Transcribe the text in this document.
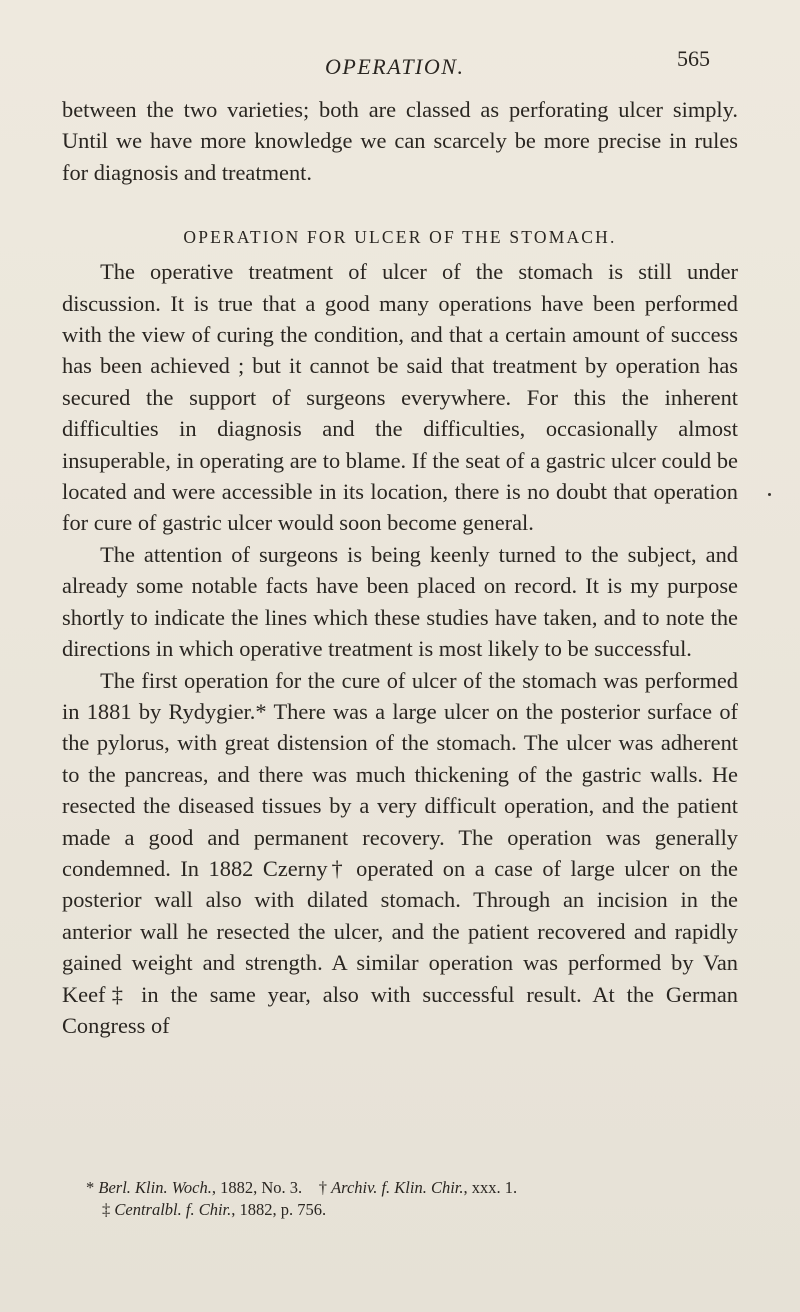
OPERATION.	565

between the two varieties; both are classed as perforating ulcer simply. Until we have more knowledge we can scarcely be more precise in rules for diagnosis and treatment.

OPERATION FOR ULCER OF THE STOMACH.

The operative treatment of ulcer of the stomach is still under discussion. It is true that a good many operations have been performed with the view of curing the condition, and that a certain amount of success has been achieved ; but it cannot be said that treatment by operation has secured the support of surgeons everywhere. For this the inherent difficulties in diagnosis and the difficulties, occasionally almost insuperable, in operating are to blame. If the seat of a gastric ulcer could be located and were accessible in its location, there is no doubt that operation for cure of gastric ulcer would soon become general.

The attention of surgeons is being keenly turned to the subject, and already some notable facts have been placed on record. It is my purpose shortly to indicate the lines which these studies have taken, and to note the directions in which operative treatment is most likely to be successful.

The first operation for the cure of ulcer of the stomach was performed in 1881 by Rydygier.* There was a large ulcer on the posterior surface of the pylorus, with great distension of the stomach. The ulcer was adherent to the pancreas, and there was much thickening of the gastric walls. He resected the diseased tissues by a very difficult operation, and the patient made a good and permanent recovery. The operation was generally condemned. In 1882 Czerny† operated on a case of large ulcer on the posterior wall also with dilated stomach. Through an incision in the anterior wall he resected the ulcer, and the patient recovered and rapidly gained weight and strength. A similar operation was performed by Van Keef‡ in the same year, also with successful result. At the German Congress of

* Berl. Klin. Woch., 1882, No. 3. † Archiv. f. Klin. Chir., xxx. 1.
‡ Centralbl. f. Chir., 1882, p. 756.
